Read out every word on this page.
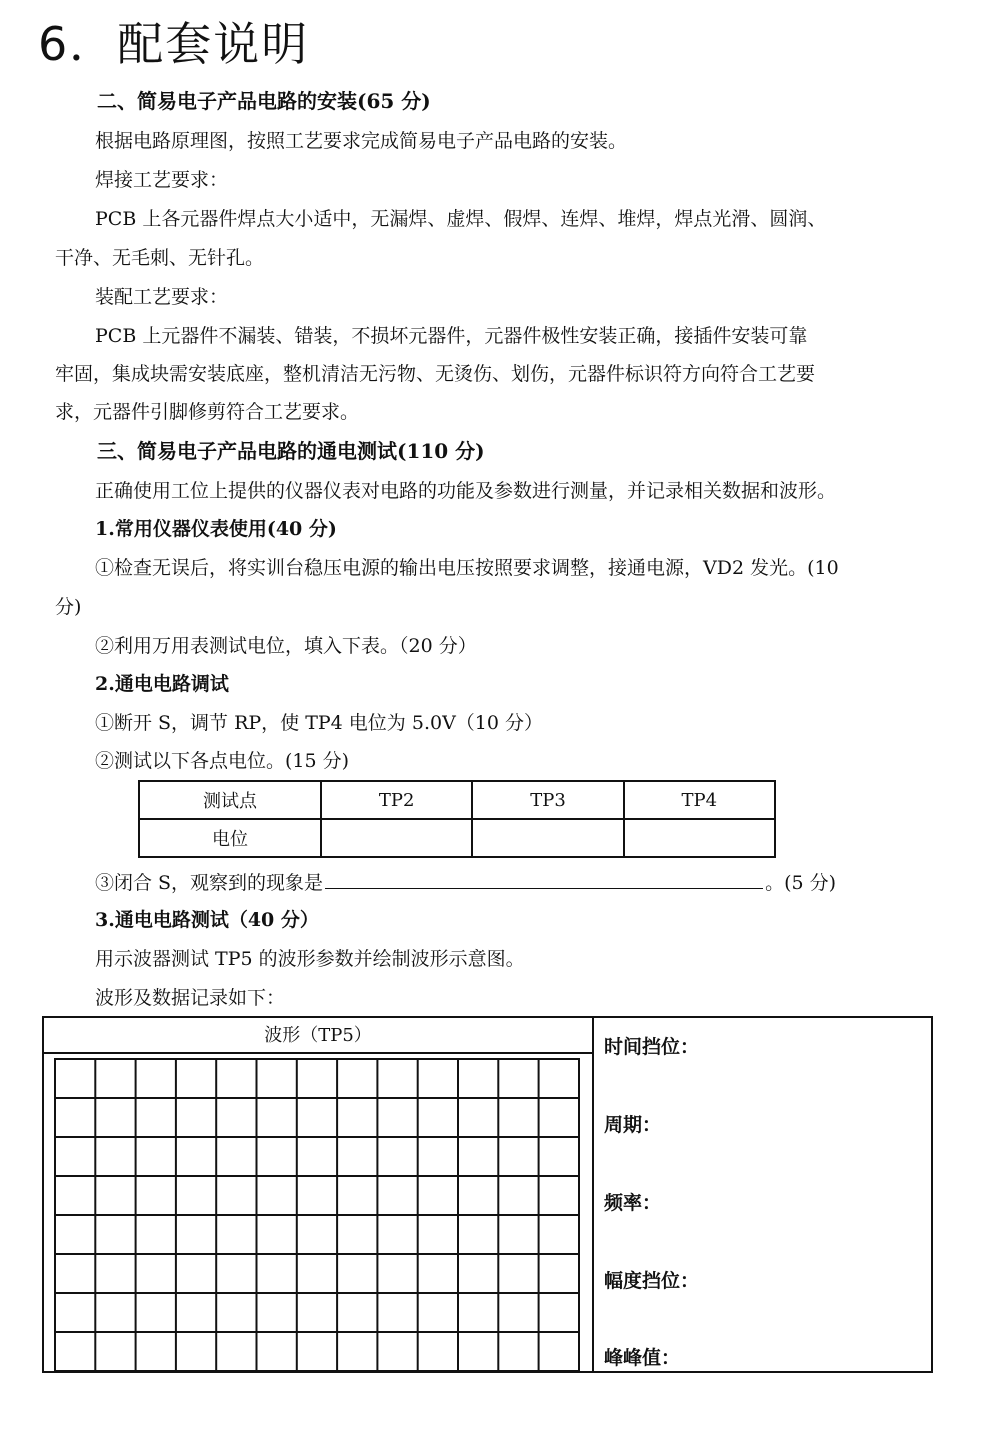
6．配套说明
二、简易电子产品电路的安装(65 分)
根据电路原理图，按照工艺要求完成简易电子产品电路的安装。
焊接工艺要求：
PCB 上各元器件焊点大小适中，无漏焊、虚焊、假焊、连焊、堆焊，焊点光滑、圆润、
干净、无毛刺、无针孔。
装配工艺要求：
PCB 上元器件不漏装、错装，不损坏元器件，元器件极性安装正确，接插件安装可靠
牢固，集成块需安装底座，整机清洁无污物、无烫伤、划伤，元器件标识符方向符合工艺要
求，元器件引脚修剪符合工艺要求。
三、简易电子产品电路的通电测试(110 分)
正确使用工位上提供的仪器仪表对电路的功能及参数进行测量，并记录相关数据和波形。
1.常用仪器仪表使用(40 分)
①检查无误后，将实训台稳压电源的输出电压按照要求调整，接通电源，VD2 发光。(10
分)
②利用万用表测试电位，填入下表。（20 分）
2.通电电路调试
①断开 S，调节 RP，使 TP4 电位为 5.0V（10 分）
②测试以下各点电位。(15 分)
测试点	TP2	TP3	TP4
电位			
③闭合 S，观察到的现象是	。(5 分)
3.通电电路测试（40 分）
用示波器测试 TP5 的波形参数并绘制波形示意图。
波形及数据记录如下：
波形（TP5）
时间挡位：
周期：
频率：
幅度挡位：
峰峰值：
